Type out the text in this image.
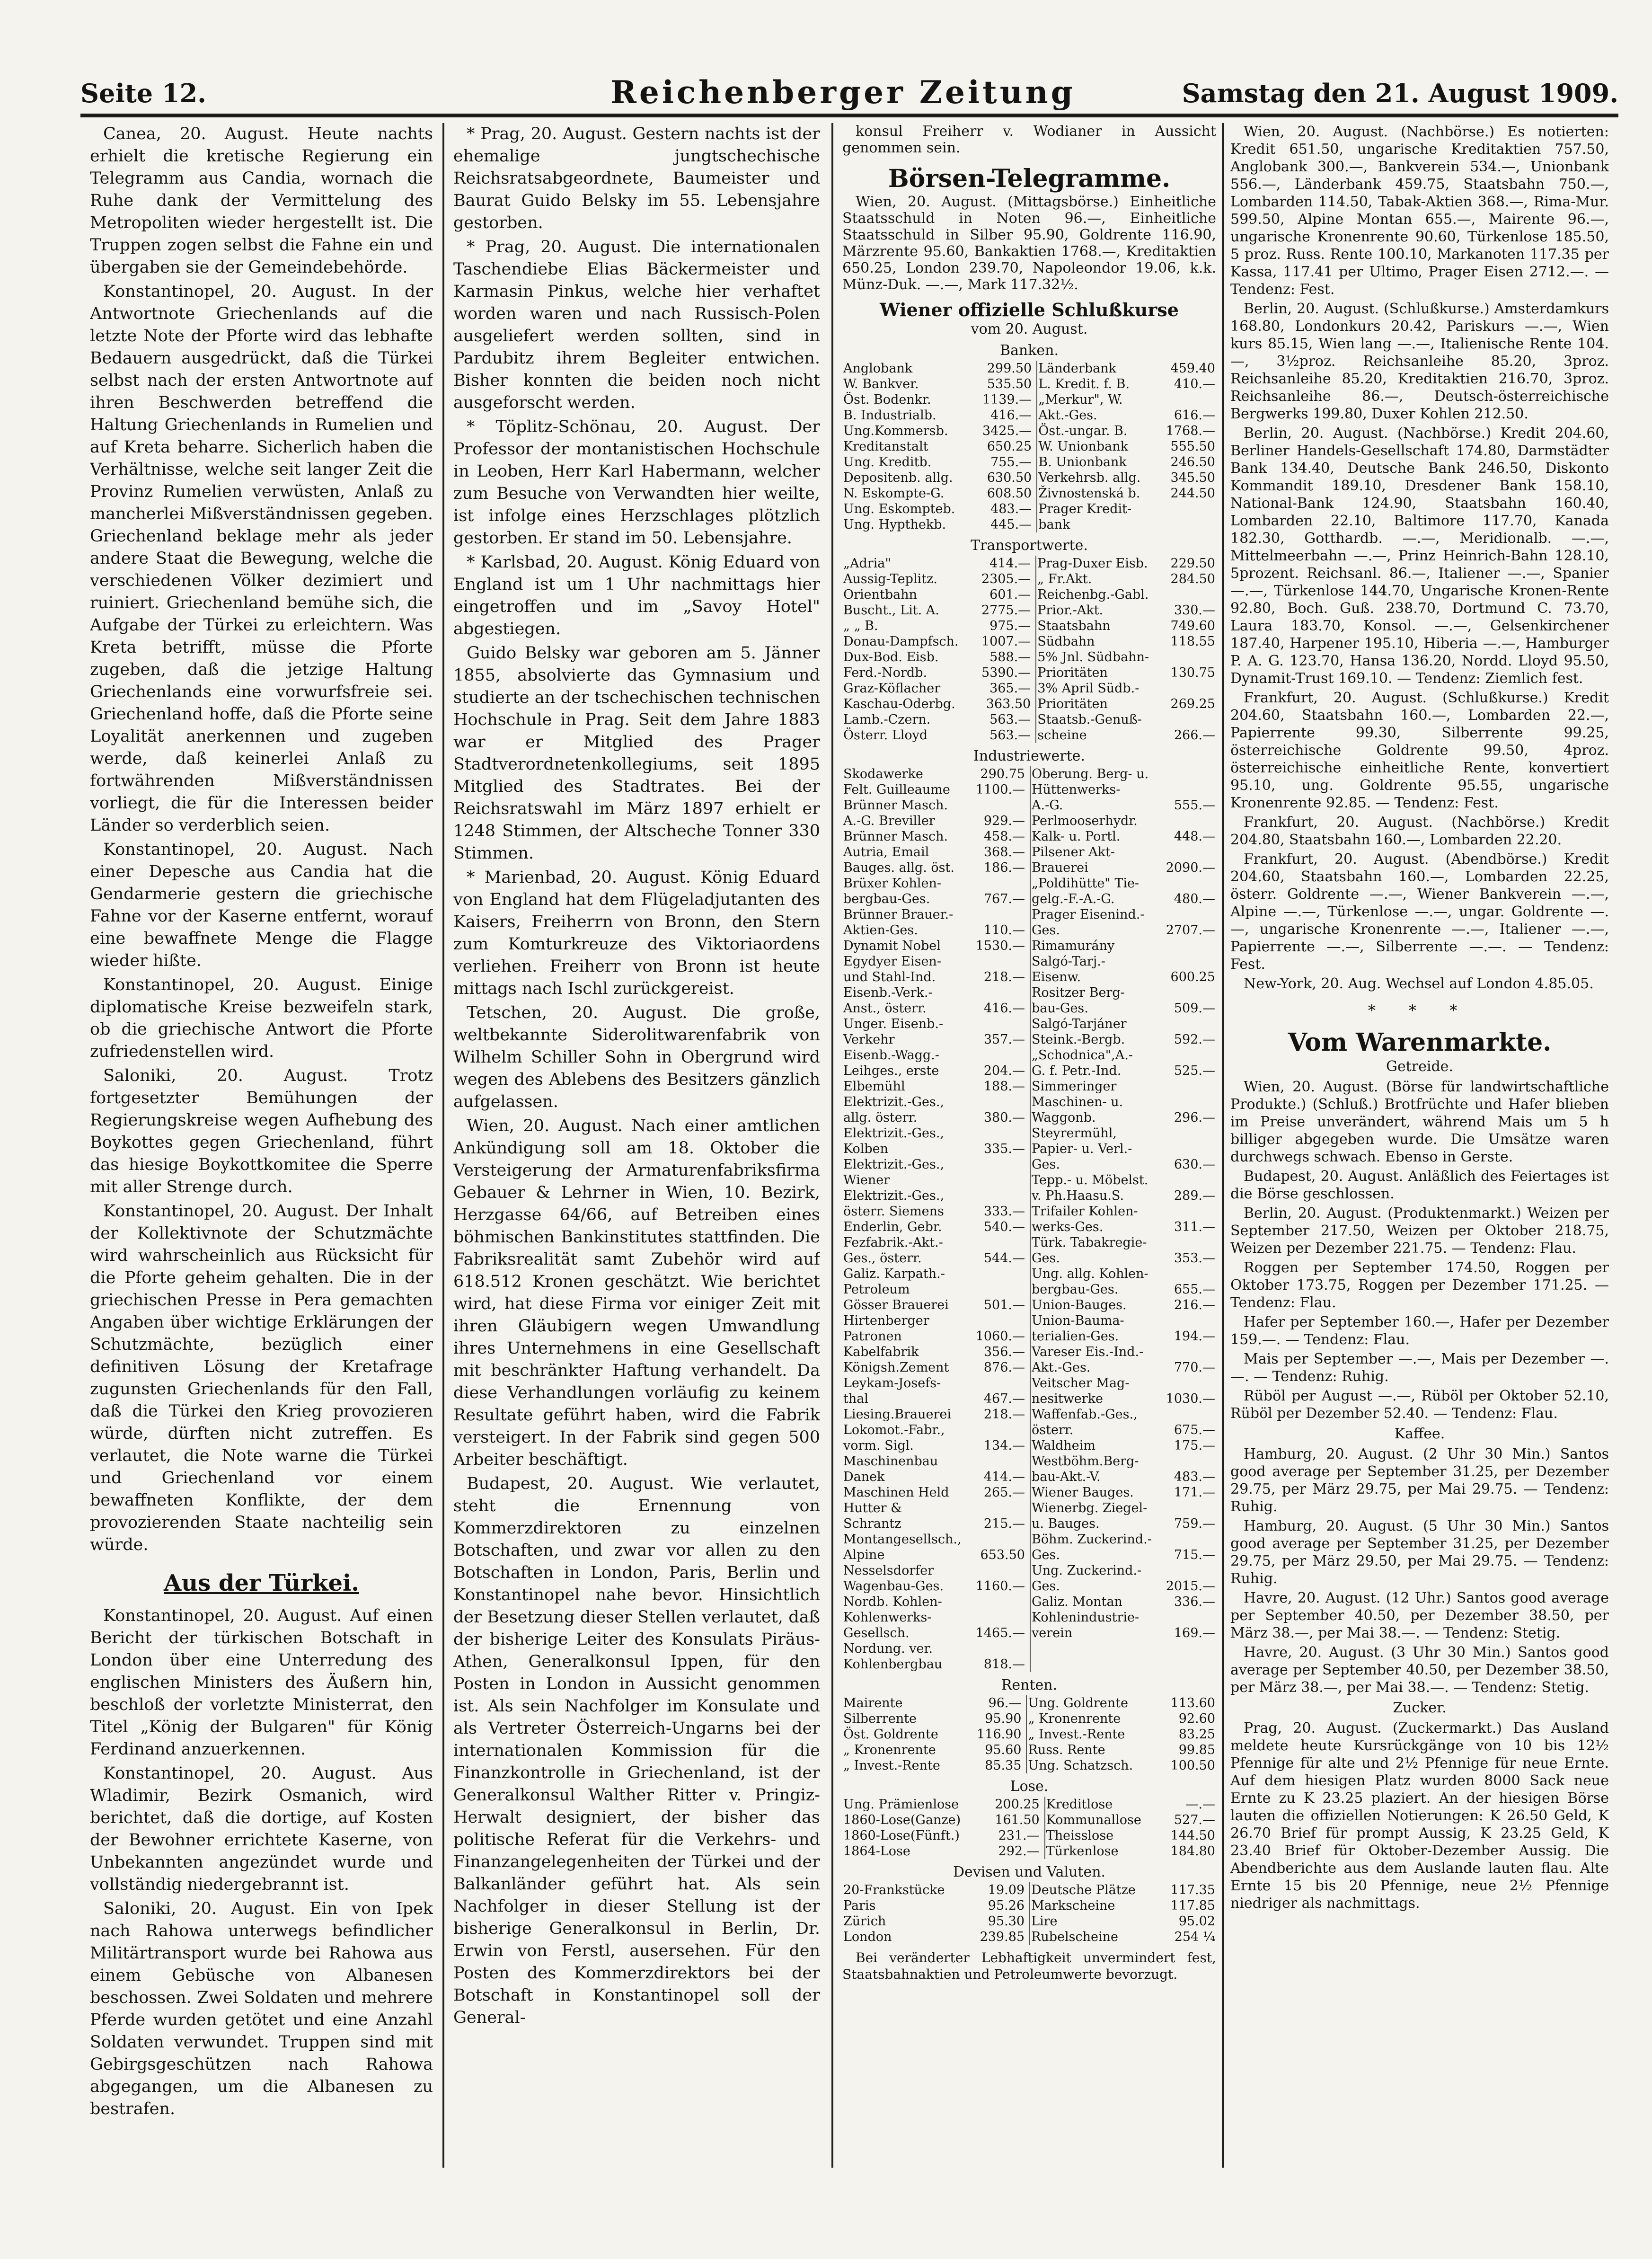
Seite 12.	Reichenberger Zeitung	Samstag den 21. August 1909.

Canea, 20. August. Heute nachts erhielt die kretische Regierung ein Telegramm aus Candia, wornach die Ruhe dank der Vermittelung des Metropoliten wieder hergestellt ist. Die Truppen zogen selbst die Fahne ein und übergaben sie der Gemeindebehörde.

Konstantinopel, 20. August. In der Antwortnote Griechenlands auf die letzte Note der Pforte wird das lebhafte Bedauern ausgedrückt, daß die Türkei selbst nach der ersten Antwortnote auf ihren Beschwerden betreffend die Haltung Griechenlands in Rumelien und auf Kreta beharre. Sicherlich haben die Verhältnisse, welche seit langer Zeit die Provinz Rumelien verwüsten, Anlaß zu mancherlei Mißverständnissen gegeben. Griechenland beklage mehr als jeder andere Staat die Bewegung, welche die verschiedenen Völker dezimiert und ruiniert. Griechenland bemühe sich, die Aufgabe der Türkei zu erleichtern. Was Kreta betrifft, müsse die Pforte zugeben, daß die jetzige Haltung Griechenlands eine vorwurfsfreie sei. Griechenland hoffe, daß die Pforte seine Loyalität anerkennen und zugeben werde, daß keinerlei Anlaß zu fortwährenden Mißverständnissen vorliegt, die für die Interessen beider Länder so verderblich seien.

Konstantinopel, 20. August. Nach einer Depesche aus Candia hat die Gendarmerie gestern die griechische Fahne vor der Kaserne entfernt, worauf eine bewaffnete Menge die Flagge wieder hißte.

Konstantinopel, 20. August. Einige diplomatische Kreise bezweifeln stark, ob die griechische Antwort die Pforte zufriedenstellen wird.

Saloniki, 20. August. Trotz fortgesetzter Bemühungen der Regierungskreise wegen Aufhebung des Boykottes gegen Griechenland, führt das hiesige Boykottkomitee die Sperre mit aller Strenge durch.

Konstantinopel, 20. August. Der Inhalt der Kollektivnote der Schutzmächte wird wahrscheinlich aus Rücksicht für die Pforte geheim gehalten. Die in der griechischen Presse in Pera gemachten Angaben über wichtige Erklärungen der Schutzmächte, bezüglich einer definitiven Lösung der Kretafrage zugunsten Griechenlands für den Fall, daß die Türkei den Krieg provozieren würde, dürften nicht zutreffen. Es verlautet, die Note warne die Türkei und Griechenland vor einem bewaffneten Konflikte, der dem provozierenden Staate nachteilig sein würde.

Aus der Türkei.

Konstantinopel, 20. August. Auf einen Bericht der türkischen Botschaft in London über eine Unterredung des englischen Ministers des Äußern hin, beschloß der vorletzte Ministerrat, den Titel „König der Bulgaren" für König Ferdinand anzuerkennen.

Konstantinopel, 20. August. Aus Wladimir, Bezirk Osmanich, wird berichtet, daß die dortige, auf Kosten der Bewohner errichtete Kaserne, von Unbekannten angezündet wurde und vollständig niedergebrannt ist.

Saloniki, 20. August. Ein von Ipek nach Rahowa unterwegs befindlicher Militärtransport wurde bei Rahowa aus einem Gebüsche von Albanesen beschossen. Zwei Soldaten und mehrere Pferde wurden getötet und eine Anzahl Soldaten verwundet. Truppen sind mit Gebirgsgeschützen nach Rahowa abgegangen, um die Albanesen zu bestrafen.

* Prag, 20. August. Gestern nachts ist der ehemalige jungtschechische Reichsratsabgeordnete, Baumeister und Baurat Guido Belsky im 55. Lebensjahre gestorben.

* Prag, 20. August. Die internationalen Taschendiebe Elias Bäckermeister und Karmasin Pinkus, welche hier verhaftet worden waren und nach Russisch-Polen ausgeliefert werden sollten, sind in Pardubitz ihrem Begleiter entwichen. Bisher konnten die beiden noch nicht ausgeforscht werden.

* Töplitz-Schönau, 20. August. Der Professor der montanistischen Hochschule in Leoben, Herr Karl Habermann, welcher zum Besuche von Verwandten hier weilte, ist infolge eines Herzschlages plötzlich gestorben. Er stand im 50. Lebensjahre.

* Karlsbad, 20. August. König Eduard von England ist um 1 Uhr nachmittags hier eingetroffen und im „Savoy Hotel" abgestiegen.

Guido Belsky war geboren am 5. Jänner 1855, absolvierte das Gymnasium und studierte an der tschechischen technischen Hochschule in Prag. Seit dem Jahre 1883 war er Mitglied des Prager Stadtverordnetenkollegiums, seit 1895 Mitglied des Stadtrates. Bei der Reichsratswahl im März 1897 erhielt er 1248 Stimmen, der Altschechе Tonner 330 Stimmen.

* Marienbad, 20. August. König Eduard von England hat dem Flügeladjutanten des Kaisers, Freiherrn von Bronn, den Stern zum Komturkreuze des Viktoriaordens verliehen. Freiherr von Bronn ist heute mittags nach Ischl zurückgereist.

Tetschen, 20. August. Die große, weltbekannte Siderolitwarenfabrik von Wilhelm Schiller Sohn in Obergrund wird wegen des Ablebens des Besitzers gänzlich aufgelassen.

Wien, 20. August. Nach einer amtlichen Ankündigung soll am 18. Oktober die Versteigerung der Armaturenfabriksfirma Gebauer & Lehrner in Wien, 10. Bezirk, Herzgasse 64/66, auf Betreiben eines böhmischen Bankinstitutes stattfinden. Die Fabriksrealität samt Zubehör wird auf 618.512 Kronen geschätzt. Wie berichtet wird, hat diese Firma vor einiger Zeit mit ihren Gläubigern wegen Umwandlung ihres Unternehmens in eine Gesellschaft mit beschränkter Haftung verhandelt. Da diese Verhandlungen vorläufig zu keinem Resultate geführt haben, wird die Fabrik versteigert. In der Fabrik sind gegen 500 Arbeiter beschäftigt.

Budapest, 20. August. Wie verlautet, steht die Ernennung von Kommerzdirektoren zu einzelnen Botschaften, und zwar vor allen zu den Botschaften in London, Paris, Berlin und Konstantinopel nahe bevor. Hinsichtlich der Besetzung dieser Stellen verlautet, daß der bisherige Leiter des Konsulats Piräus-Athen, Generalkonsul Ippen, für den Posten in London in Aussicht genommen ist. Als sein Nachfolger im Konsulate und als Vertreter Österreich-Ungarns bei der internationalen Kommission für die Finanzkontrolle in Griechenland, ist der Generalkonsul Walther Ritter v. Pringiz-Herwalt designiert, der bisher das politische Referat für die Verkehrs- und Finanzangelegenheiten der Türkei und der Balkanländer geführt hat. Als sein Nachfolger in dieser Stellung ist der bisherige Generalkonsul in Berlin, Dr. Erwin von Ferstl, ausersehen. Für den Posten des Kommerzdirektors bei der Botschaft in Konstantinopel soll der General-

konsul Freiherr v. Wodianer in Aussicht genommen sein.

Börsen-Telegramme.

Wien, 20. August. (Mittagsbörse.) Einheitliche Staatsschuld in Noten 96.—, Einheitliche Staatsschuld in Silber 95.90, Goldrente 116.90, Märzrente 95.60, Bankaktien 1768.—, Kreditaktien 650.25, London 239.70, Napoleondor 19.06, k.k. Münz-Duk. —.—, Mark 117.32½.

Wiener offizielle Schlußkurse
vom 20. August.
Banken.
Anglobank	299.50	Länderbank	459.40
W. Bankver.	535.50	L. Kredit. f. B.	410.—
Öst. Bodenkr.	1139.—	„Merkur", W.	
B. Industrialb.	416.—	Akt.-Ges.	616.—
Ung.Kommersb.	3425.—	Öst.-ungar. B.	1768.—
Kreditanstalt	650.25	W. Unionbank	555.50
Ung. Kreditb.	755.—	B. Unionbank	246.50
Depositenb. allg.	630.50	Verkehrsb. allg.	345.50
N. Eskompte-G.	608.50	Živnostenská b.	244.50
Ung. Eskomptеb.	483.—	Prager Kredit-	
Ung. Hypthekb.	445.—	bank	
Transportwerte.
„Adria"	414.—	Prag-Duxer Eisb.	229.50
Aussig-Teplitz.	2305.—	„ Fr.Akt.	284.50
Orientbahn	601.—	Reichenbg.-Gabl.	
Buscht., Lit. A.	2775.—	Prior.-Akt.	330.—
„ „ B.	975.—	Staatsbahn	749.60
Donau-Dampfsch.	1007.—	Südbahn	118.55
Dux-Bod. Eisb.	588.—	5% Jnl. Südbahn-	
Ferd.-Nordb.	5390.—	Prioritäten	130.75
Graz-Köflacher	365.—	3% April Südb.-	
Kaschau-Oderbg.	363.50	Prioritäten	269.25
Lamb.-Czern.	563.—	Staatsb.-Genuß-	
Österr. Lloyd	563.—	scheine	266.—
Industriewerte.
Skodawerke	290.75	Oberung. Berg- u.	
Felt. Guilleaume	1100.—	Hüttenwerks-	
Brünner Masch.		A.-G.	555.—
A.-G. Breviller	929.—	Perlmooserhydr.	
Brünner Masch.	458.—	Kalk- u. Portl.	448.—
Autria, Email	368.—	Pilsener Akt-	
Bauges. allg. öst.	186.—	Brauerei	2090.—
Brüxer Kohlen-		„Poldihütte" Tie-	
bergbau-Ges.	767.—	gelg.-F.-A.-G.	480.—
Brünner Brauer.-		Prager Eisenind.-	
Aktien-Ges.	110.—	Ges.	2707.—
Dynamit Nobel	1530.—	Rimamurány	
Egydyer Eisen-		Salgó-Tarj.-	
und Stahl-Ind.	218.—	Eisenw.	600.25
Eisenb.-Verk.-		Rositzer Berg-	
Anst., österr.	416.—	bau-Ges.	509.—
Unger. Eisenb.-		Salgó-Tarjáner	
Verkehr	357.—	Steink.-Bergb.	592.—
Eisenb.-Wagg.-		„Schodnica",A.-	
Leihges., erste	204.—	G. f. Petr.-Ind.	525.—
Elbemühl	188.—	Simmeringer	
Elektrizit.-Ges.,		Maschinen- u.	
allg. österr.	380.—	Waggonb.	296.—
Elektrizit.-Ges.,		Steyrermühl,	
Kolben	335.—	Papier- u. Verl.-	
Elektrizit.-Ges.,		Ges.	630.—
Wiener		Tepp.- u. Möbelst.	
Elektrizit.-Ges.,		v. Ph.Haasu.S.	289.—
österr. Siemens	333.—	Trifailer Kohlen-	
Enderlin, Gebr.	540.—	werks-Ges.	311.—
Fezfabrik.-Akt.-		Türk. Tabakregie-	
Ges., österr.	544.—	Ges.	353.—
Galiz. Karpath.-		Ung. allg. Kohlen-	
Petroleum		bergbau-Ges.	655.—
Gösser Brauerei	501.—	Union-Bauges.	216.—
Hirtenberger		Union-Baumа-	
Patronen	1060.—	terialien-Ges.	194.—
Kabelfabrik	356.—	Vareser Eis.-Ind.-	
Königsh.Zement	876.—	Akt.-Ges.	770.—
Leykam-Josefs-		Veitscher Mag-	
thal	467.—	nesitwerke	1030.—
Liesing.Brauerei	218.—	Waffenfab.-Ges.,	
Lokomot.-Fabr.,		österr.	675.—
vorm. Sigl.	134.—	Waldheim	175.—
Maschinenbau		Westböhm.Berg-	
Danek	414.—	bau-Akt.-V.	483.—
Maschinen Held	265.—	Wiener Bauges.	171.—
Hutter &		Wienerbg. Ziegel-	
Schrantz	215.—	u. Bauges.	759.—
Montangesellsch.,		Böhm. Zuckerind.-	
Alpine	653.50	Ges.	715.—
Nesselsdorfer		Ung. Zuckerind.-	
Wagenbau-Ges.	1160.—	Ges.	2015.—
Nordb. Kohlen-		Galiz. Montan	336.—
Kohlenwerks-		Kohlenindustrie-	
Gesellsch.	1465.—	verein	169.—
Nordung. ver.			
Kohlenbergbau	818.—		
Renten.
Mairente	96.—	Ung. Goldrente	113.60
Silberrente	95.90	„ Kronenrente	92.60
Öst. Goldrente	116.90	„ Invest.-Rente	83.25
„ Kronenrente	95.60	Russ. Rente	99.85
„ Invest.-Rente	85.35	Ung. Schatzsch.	100.50
Lose.
Ung. Prämienlose	200.25	Kreditlose	—.—
1860-Lose(Ganze)	161.50	Kommunallose	527.—
1860-Lose(Fünft.)	231.—	Theisslose	144.50
1864-Lose	292.—	Türkenlose	184.80
Devisen und Valuten.
20-Frankstücke	19.09	Deutsche Plätze	117.35
Paris	95.26	Markscheine	117.85
Zürich	95.30	Lire	95.02
London	239.85	Rubelscheine	254 ¼

Bei veränderter Lebhaftigkeit unvermindert fest, Staatsbahnaktien und Petroleumwerte bevorzugt.

Wien, 20. August. (Nachbörse.) Es notierten: Kredit 651.50, ungarische Kreditaktien 757.50, Anglobank 300.—, Bankverein 534.—, Unionbank 556.—, Länderbank 459.75, Staatsbahn 750.—, Lombarden 114.50, Tabak-Aktien 368.—, Rima-Mur. 599.50, Alpine Montan 655.—, Mairente 96.—, ungarische Kronenrente 90.60, Türkenlose 185.50, 5 proz. Russ. Rente 100.10, Markanoten 117.35 per Kassa, 117.41 per Ultimo, Prager Eisen 2712.—. — Tendenz: Fest.

Berlin, 20. August. (Schlußkurse.) Amsterdamkurs 168.80, Londonkurs 20.42, Pariskurs —.—, Wien kurs 85.15, Wien lang —.—, Italienische Rente 104.—, 3½proz. Reichsanleihe 85.20, 3proz. Reichsanleihe 85.20, Kreditaktien 216.70, 3proz. Reichsanleihe 86.—, Deutsch-österreichische Bergwerks 199.80, Duxer Kohlen 212.50.

Berlin, 20. August. (Nachbörse.) Kredit 204.60, Berliner Handels-Gesellschaft 174.80, Darmstädter Bank 134.40, Deutsche Bank 246.50, Diskonto Kommandit 189.10, Dresdener Bank 158.10, National-Bank 124.90, Staatsbahn 160.40, Lombarden 22.10, Baltimore 117.70, Kanada 182.30, Gotthardb. —.—, Meridionalb. —.—, Mittelmeerbahn —.—, Prinz Heinrich-Bahn 128.10, 5prozent. Reichsanl. 86.—, Italiener —.—, Spanier —.—, Türkenlose 144.70, Ungarische Kronen-Rente 92.80, Boch. Guß. 238.70, Dortmund C. 73.70, Laura 183.70, Konsol. —.—, Gelsenkirchener 187.40, Harpener 195.10, Hiberia —.—, Hamburger P. A. G. 123.70, Hansa 136.20, Nordd. Lloyd 95.50, Dynamit-Trust 169.10. — Tendenz: Ziemlich fest.

Frankfurt, 20. August. (Schlußkurse.) Kredit 204.60, Staatsbahn 160.—, Lombarden 22.—, Papierrente 99.30, Silberrente 99.25, österreichische Goldrente 99.50, 4proz. österreichische einheitliche Rente, konvertiert 95.10, ung. Goldrente 95.55, ungarische Kronenrente 92.85. — Tendenz: Fest.

Frankfurt, 20. August. (Nachbörse.) Kredit 204.80, Staatsbahn 160.—, Lombarden 22.20.

Frankfurt, 20. August. (Abendbörse.) Kredit 204.60, Staatsbahn 160.—, Lombarden 22.25, österr. Goldrente —.—, Wiener Bankverein —.—, Alpine —.—, Türkenlose —.—, ungar. Goldrente —.—, ungarische Kronenrente —.—, Italiener —.—, Papierrente —.—, Silberrente —.—. — Tendenz: Fest.

New-York, 20. Aug. Wechsel auf London 4.85.05.

* * *
Vom Warenmarkte.
Getreide.

Wien, 20. August. (Börse für landwirtschaftliche Produkte.) (Schluß.) Brotfrüchte und Hafer blieben im Preise unverändert, während Mais um 5 h billiger abgegeben wurde. Die Umsätze waren durchwegs schwach. Ebenso in Gerste.

Budapest, 20. August. Anläßlich des Feiertages ist die Börse geschlossen.

Berlin, 20. August. (Produktenmarkt.) Weizen per September 217.50, Weizen per Oktober 218.75, Weizen per Dezember 221.75. — Tendenz: Flau.

Roggen per September 174.50, Roggen per Oktober 173.75, Roggen per Dezember 171.25. — Tendenz: Flau.

Hafer per September 160.—, Hafer per Dezember 159.—. — Tendenz: Flau.

Mais per September —.—, Mais per Dezember —.—. — Tendenz: Ruhig.

Rüböl per August —.—, Rüböl per Oktober 52.10, Rüböl per Dezember 52.40. — Tendenz: Flau.

Kaffee.

Hamburg, 20. August. (2 Uhr 30 Min.) Santos good average per September 31.25, per Dezember 29.75, per März 29.75, per Mai 29.75. — Tendenz: Ruhig.

Hamburg, 20. August. (5 Uhr 30 Min.) Santos good average per September 31.25, per Dezember 29.75, per März 29.50, per Mai 29.75. — Tendenz: Ruhig.

Havre, 20. August. (12 Uhr.) Santos good average per September 40.50, per Dezember 38.50, per März 38.—, per Mai 38.—. — Tendenz: Stetig.

Havre, 20. August. (3 Uhr 30 Min.) Santos good average per September 40.50, per Dezember 38.50, per März 38.—, per Mai 38.—. — Tendenz: Stetig.

Zucker.

Prag, 20. August. (Zuckermarkt.) Das Ausland meldete heute Kursrückgänge von 10 bis 12½ Pfennige für alte und 2½ Pfennige für neue Ernte. Auf dem hiesigen Platz wurden 8000 Sack neue Ernte zu K 23.25 plaziert. An der hiesigen Börse lauten die offiziellen Notierungen: K 26.50 Geld, K 26.70 Brief für prompt Aussig, K 23.25 Geld, K 23.40 Brief für Oktober-Dezember Aussig. Die Abendberichte aus dem Auslande lauten flau. Alte Ernte 15 bis 20 Pfennige, neue 2½ Pfennige niedriger als nachmittags.
